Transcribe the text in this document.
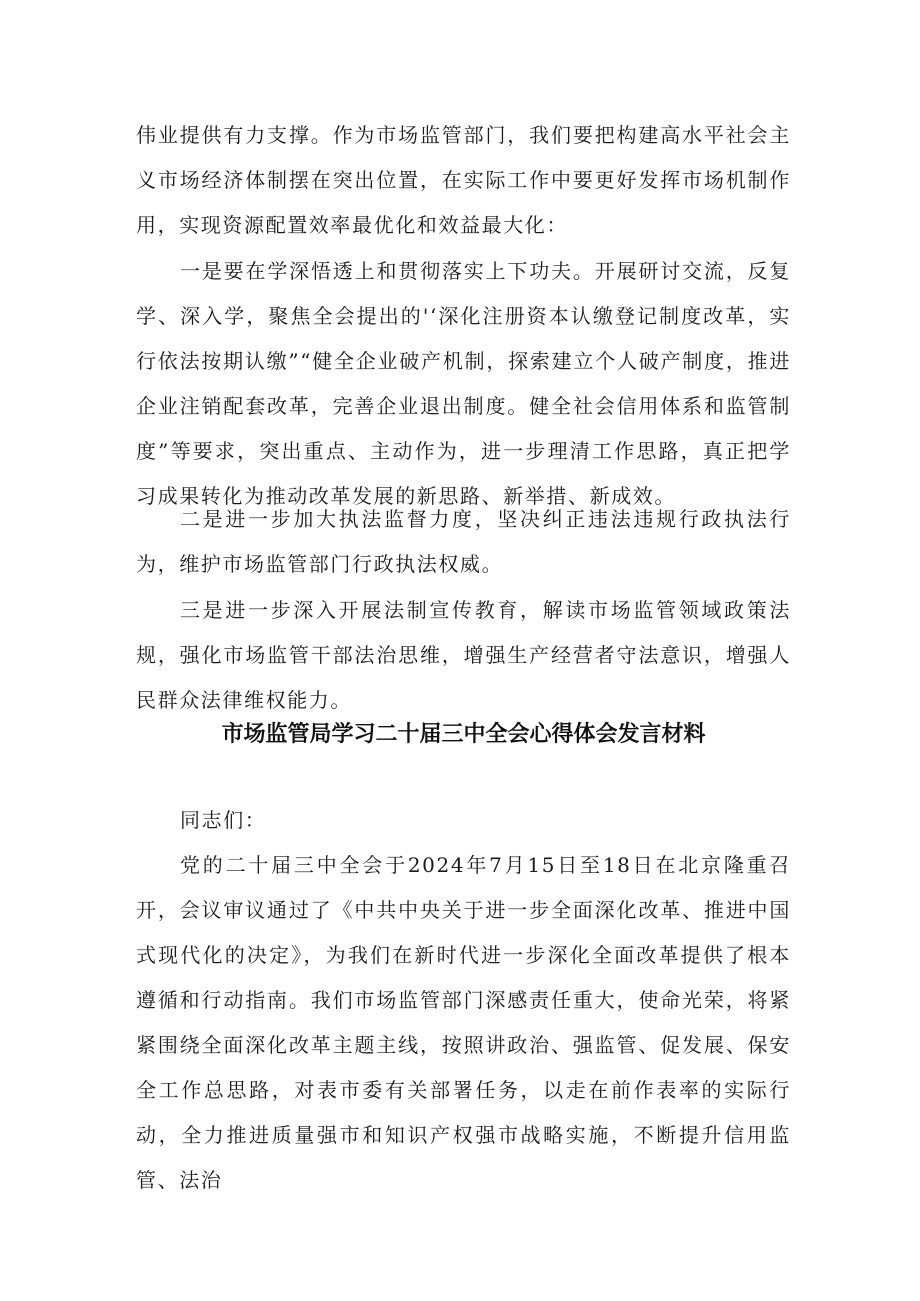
伟业提供有力支撑。作为市场监管部门，我们要把构建高水平社会主义市场经济体制摆在突出位置，在实际工作中要更好发挥市场机制作用，实现资源配置效率最优化和效益最大化：

一是要在学深悟透上和贯彻落实上下功夫。开展研讨交流，反复学、深入学，聚焦全会提出的'‘深化注册资本认缴登记制度改革，实行依法按期认缴”“健全企业破产机制，探索建立个人破产制度，推进企业注销配套改革，完善企业退出制度。健全社会信用体系和监管制度”等要求，突出重点、主动作为，进一步理清工作思路，真正把学习成果转化为推动改革发展的新思路、新举措、新成效。

二是进一步加大执法监督力度，坚决纠正违法违规行政执法行为，维护市场监管部门行政执法权威。

三是进一步深入开展法制宣传教育，解读市场监管领域政策法规，强化市场监管干部法治思维，增强生产经营者守法意识，增强人民群众法律维权能力。

市场监管局学习二十届三中全会心得体会发言材料

同志们：

党的二十届三中全会于2024年7月15日至18日在北京隆重召开，会议审议通过了《中共中央关于进一步全面深化改革、推进中国式现代化的决定》，为我们在新时代进一步深化全面改革提供了根本遵循和行动指南。我们市场监管部门深感责任重大，使命光荣，将紧紧围绕全面深化改革主题主线，按照讲政治、强监管、促发展、保安全工作总思路，对表市委有关部署任务，以走在前作表率的实际行动，全力推进质量强市和知识产权强市战略实施，不断提升信用监管、法治
